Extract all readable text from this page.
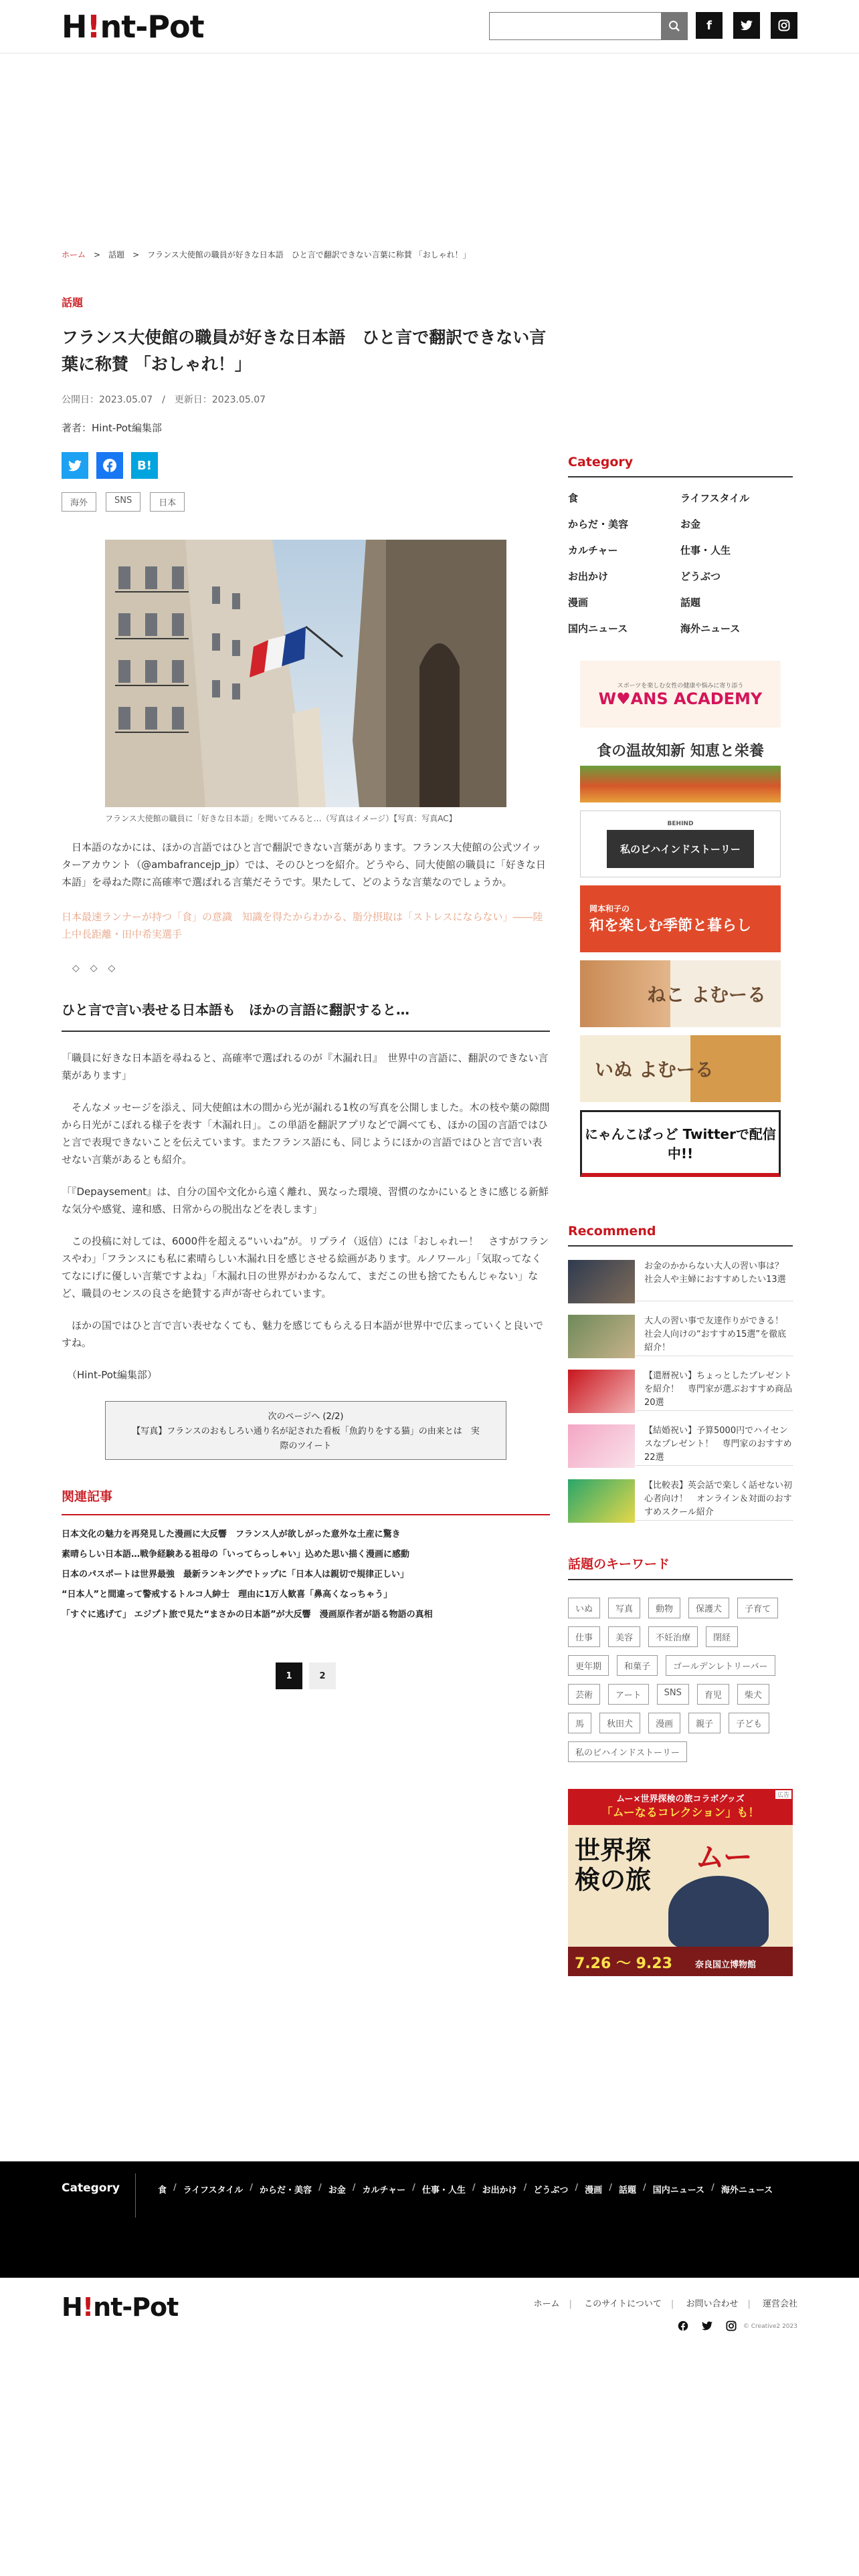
H!nt-Pot	f
ホーム > 話題 > フランス大使館の職員が好きな日本語　ひと言で翻訳できない言葉に称賛 「おしゃれ！」
話題
フランス大使館の職員が好きな日本語　ひと言で翻訳できない言葉に称賛 「おしゃれ！」
公開日：2023.05.07 / 更新日：2023.05.07
著者：Hint-Pot編集部
B!
海外	SNS	日本
フランス大使館の職員に「好きな日本語」を聞いてみると…（写真はイメージ）【写真：写真AC】

日本語のなかには、ほかの言語ではひと言で翻訳できない言葉があります。フランス大使館の公式ツイッターアカウント（@ambafrancejp_jp）では、そのひとつを紹介。どうやら、同大使館の職員に「好きな日本語」を尋ねた際に高確率で選ばれる言葉だそうです。果たして、どのような言葉なのでしょうか。

日本最速ランナーが持つ「食」の意識　知識を得たからわかる、脂分摂取は「ストレスにならない」――陸上中長距離・田中希実選手

◇◇◇
ひと言で言い表せる日本語も　ほかの言語に翻訳すると…

「職員に好きな日本語を尋ねると、高確率で選ばれるのが『木漏れ日』　世界中の言語に、翻訳のできない言葉があります」

そんなメッセージを添え、同大使館は木の間から光が漏れる1枚の写真を公開しました。木の枝や葉の隙間から日光がこぼれる様子を表す「木漏れ日」。この単語を翻訳アプリなどで調べても、ほかの国の言語ではひと言で表現できないことを伝えています。またフランス語にも、同じようにほかの言語ではひと言で言い表せない言葉があるとも紹介。

「『Depaysement』は、自分の国や文化から遠く離れ、異なった環境、習慣のなかにいるときに感じる新鮮な気分や感覚、違和感、日常からの脱出などを表します」

この投稿に対しては、6000件を超える“いいね”が。リプライ（返信）には「おしゃれー！　さすがフランスやわ」「フランスにも私に素晴らしい木漏れ日を感じさせる絵画があります。ルノワール」「気取ってなくてなにげに優しい言葉ですよね」「木漏れ日の世界がわかるなんて、まだこの世も捨てたもんじゃない」など、職員のセンスの良さを絶賛する声が寄せられています。

ほかの国ではひと言で言い表せなくても、魅力を感じてもらえる日本語が世界中で広まっていくと良いですね。

（Hint-Pot編集部）

次のページへ (2/2)
【写真】フランスのおもしろい通り名が記された看板「魚釣りをする猫」の由来とは　実際のツイート
関連記事
日本文化の魅力を再発見した漫画に大反響　フランス人が欲しがった意外な土産に驚き
素晴らしい日本語…戦争経験ある祖母の「いってらっしゃい」込めた思い描く漫画に感動
日本のパスポートは世界最強　最新ランキングでトップに「日本人は親切で規律正しい」
“日本人”と間違って警戒するトルコ人紳士　理由に1万人歓喜「鼻高くなっちゃう」
「すぐに逃げて」 エジプト旅で見た“まさかの日本語”が大反響　漫画原作者が語る物語の真相
1	2
Category
食	ライフスタイル
からだ・美容	お金
カルチャー	仕事・人生
お出かけ	どうぶつ
漫画	話題
国内ニュース	海外ニュース
スポーツを楽しむ女性の健康や悩みに寄り添う
W♥ANS ACADEMY
食の温故知新 知恵と栄養
BEHIND
私のビハインドストーリー
岡本和子の
和を楽しむ季節と暮らし
ねこ よむーる
いぬ よむーる
にゃんこぱっど Twitterで配信中!!
Recommend
お金のかからない大人の習い事は？ 社会人や主婦におすすめしたい13選
大人の習い事で友達作りができる！ 社会人向けの“おすすめ15選”を徹底紹介！
【還暦祝い】ちょっとしたプレゼントを紹介！　専門家が選ぶおすすめ商品20選
【結婚祝い】予算5000円でハイセンスなプレゼント！　専門家のおすすめ22選
【比較表】英会話で楽しく話せない初心者向け！　オンライン＆対面のおすすめスクール紹介
話題のキーワード
いぬ	写真	動物	保護犬	子育て
仕事	美容	不妊治療	閉経
更年期	和菓子	ゴールデンレトリーバー
芸術	アート	SNS	育児	柴犬
馬	秋田犬	漫画	親子	子ども
私のビハインドストーリー
ムー×世界探検の旅コラボグッズ
「ムーなるコレクション」も！
広告
世界探検の旅
ムー
7.26 ～ 9.23	奈良国立博物館
Category	食 / ライフスタイル / からだ・美容 / お金 / カルチャー / 仕事・人生 / お出かけ / どうぶつ / 漫画 / 話題 / 国内ニュース / 海外ニュース
H!nt-Pot	ホーム | このサイトについて | お問い合わせ | 運営会社
© Creative2 2023
